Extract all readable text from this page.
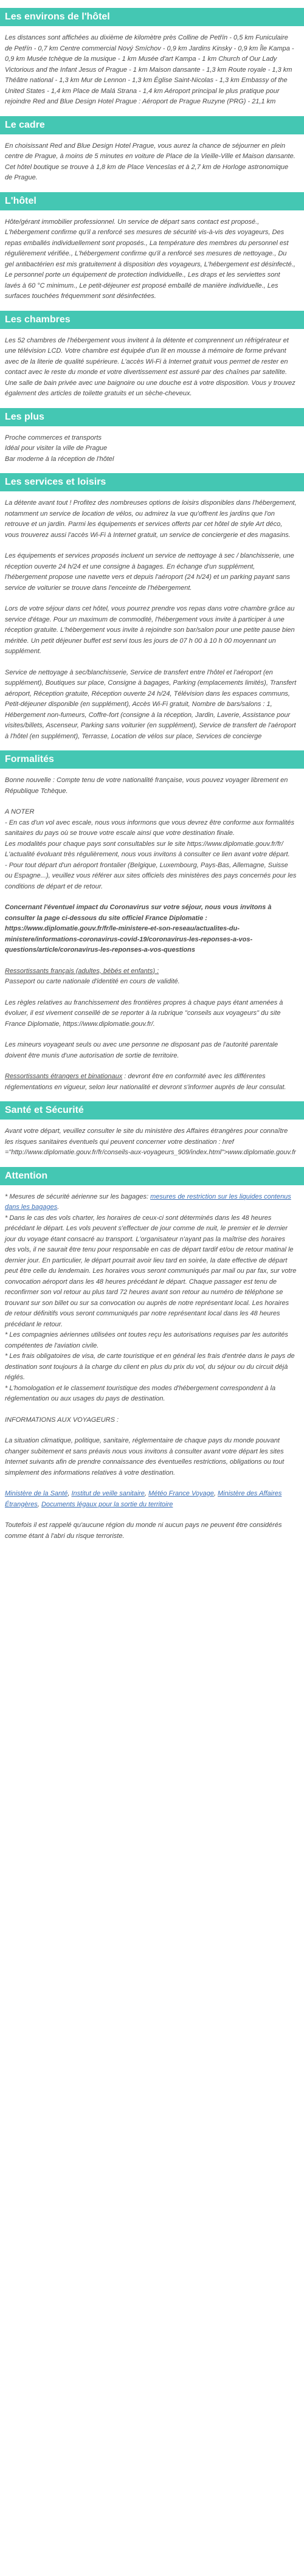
Les environs de l'hôtel

Les distances sont affichées au dixième de kilomètre près Colline de Petřín - 0,5 km Funiculaire de Petřín - 0,7 km Centre commercial Nový Smíchov - 0,9 km Jardins Kinsky - 0,9 km Île Kampa - 0,9 km Musée tchèque de la musique - 1 km Musée d'art Kampa - 1 km Church of Our Lady Victorious and the Infant Jesus of Prague - 1 km Maison dansante - 1,3 km Route royale - 1,3 km Théâtre national - 1,3 km Mur de Lennon - 1,3 km Église Saint-Nicolas - 1,3 km Embassy of the United States - 1,4 km Place de Malá Strana - 1,4 km Aéroport principal le plus pratique pour rejoindre Red and Blue Design Hotel Prague : Aéroport de Prague Ruzyne (PRG) - 21,1 km

Le cadre

En choisissant Red and Blue Design Hotel Prague, vous aurez la chance de séjourner en plein centre de Prague, à moins de 5 minutes en voiture de Place de la Vieille-Ville et Maison dansante. Cet hôtel boutique se trouve à 1,8 km de Place Venceslas et à 2,7 km de Horloge astronomique de Prague.

L'hôtel

Hôte/gérant immobilier professionnel. Un service de départ sans contact est proposé., L'hébergement confirme qu'il a renforcé ses mesures de sécurité vis-à-vis des voyageurs, Des repas emballés individuellement sont proposés., La température des membres du personnel est régulièrement vérifiée., L'hébergement confirme qu'il a renforcé ses mesures de nettoyage., Du gel antibactérien est mis gratuitement à disposition des voyageurs, L'hébergement est désinfecté., Le personnel porte un équipement de protection individuelle., Les draps et les serviettes sont lavés à 60 °C minimum., Le petit-déjeuner est proposé emballé de manière individuelle., Les surfaces touchées fréquemment sont désinfectées.

Les chambres

Les 52 chambres de l'hébergement vous invitent à la détente et comprennent un réfrigérateur et une télévision LCD. Votre chambre est équipée d'un lit en mousse à mémoire de forme prévant avec de la literie de qualité supérieure. L'accès Wi-Fi à Internet gratuit vous permet de rester en contact avec le reste du monde et votre divertissement est assuré par des chaînes par satellite. Une salle de bain privée avec une baignoire ou une douche est à votre disposition. Vous y trouvez également des articles de toilette gratuits et un sèche-cheveux.

Les plus

Proche commerces et transports
Idéal pour visiter la ville de Prague
Bar moderne à la réception de l'hôtel

Les services et loisirs

La détente avant tout ! Profitez des nombreuses options de loisirs disponibles dans l'hébergement, notamment un service de location de vélos, ou admirez la vue qu'offrent les jardins que l'on retrouve et un jardin. Parmi les équipements et services offerts par cet hôtel de style Art déco, vous trouverez aussi l'accès Wi-Fi à Internet gratuit, un service de conciergerie et des magasins.

Les équipements et services proposés incluent un service de nettoyage à sec / blanchisserie, une réception ouverte 24 h/24 et une consigne à bagages. En échange d'un supplément, l'hébergement propose une navette vers et depuis l'aéroport (24 h/24) et un parking payant sans service de voiturier se trouve dans l'enceinte de l'hébergement.

Lors de votre séjour dans cet hôtel, vous pourrez prendre vos repas dans votre chambre grâce au service d'étage. Pour un maximum de commodité, l'hébergement vous invite à participer à une réception gratuite. L'hébergement vous invite à rejoindre son bar/salon pour une petite pause bien méritée. Un petit déjeuner buffet est servi tous les jours de 07 h 00 à 10 h 00 moyennant un supplément.

Service de nettoyage à sec/blanchisserie, Service de transfert entre l'hôtel et l'aéroport (en supplément), Boutiques sur place, Consigne à bagages, Parking (emplacements limités), Transfert aéroport, Réception gratuite, Réception ouverte 24 h/24, Télévision dans les espaces communs, Petit-déjeuner disponible (en supplément), Accès Wi-Fi gratuit, Nombre de bars/salons : 1, Hébergement non-fumeurs, Coffre-fort (consigne à la réception, Jardin, Laverie, Assistance pour visites/billets, Ascenseur, Parking sans voiturier (en supplément), Service de transfert de l'aéroport à l'hôtel (en supplément), Terrasse, Location de vélos sur place, Services de concierge

Formalités

Bonne nouvelle : Compte tenu de votre nationalité française, vous pouvez voyager librement en République Tchèque.

A NOTER
- En cas d'un vol avec escale, nous vous informons que vous devrez être conforme aux formalités sanitaires du pays où se trouve votre escale ainsi que votre destination finale.
Les modalités pour chaque pays sont consultables sur le site https://www.diplomatie.gouv.fr/fr/ L'actualité évoluant très régulièrement, nous vous invitons à consulter ce lien avant votre départ.
- Pour tout départ d'un aéroport frontalier (Belgique, Luxembourg, Pays-Bas, Allemagne, Suisse ou Espagne...), veuillez vous référer aux sites officiels des ministères des pays concernés pour les conditions de départ et de retour.

Concernant l'éventuel impact du Coronavirus sur votre séjour, nous vous invitons à consulter la page ci-dessous du site officiel France Diplomatie : https://www.diplomatie.gouv.fr/fr/le-ministere-et-son-reseau/actualites-du-ministere/informations-coronavirus-covid-19/coronavirus-les-reponses-a-vos-questions/article/coronavirus-les-reponses-a-vos-questions

Ressortissants français (adultes, bébés et enfants) :
Passeport ou carte nationale d'identité en cours de validité.

Les règles relatives au franchissement des frontières propres à chaque pays étant amenées à évoluer, il est vivement conseillé de se reporter à la rubrique "conseils aux voyageurs" du site France Diplomatie, https://www.diplomatie.gouv.fr/.

Les mineurs voyageant seuls ou avec une personne ne disposant pas de l'autorité parentale doivent être munis d'une autorisation de sortie de territoire.

Ressortissants étrangers et binationaux : devront être en conformité avec les différentes réglementations en vigueur, selon leur nationalité et devront s'informer auprès de leur consulat.

Santé et Sécurité

Avant votre départ, veuillez consulter le site du ministère des Affaires étrangères pour connaître les risques sanitaires éventuels qui peuvent concerner votre destination : href ="http://www.diplomatie.gouv.fr/fr/conseils-aux-voyageurs_909/index.html">www.diplomatie.gouv.fr

Attention

* Mesures de sécurité aérienne sur les bagages: mesures de restriction sur les liquides contenus dans les bagages.
* Dans le cas des vols charter, les horaires de ceux-ci sont déterminés dans les 48 heures précédant le départ. Les vols peuvent s'effectuer de jour comme de nuit, le premier et le dernier jour du voyage étant consacré au transport. L'organisateur n'ayant pas la maîtrise des horaires des vols, il ne saurait être tenu pour responsable en cas de départ tardif et/ou de retour matinal le dernier jour. En particulier, le départ pourrait avoir lieu tard en soirée, la date effective de départ peut être celle du lendemain. Les horaires vous seront communiqués par mail ou par fax, sur votre convocation aéroport dans les 48 heures précédant le départ. Chaque passager est tenu de reconfirmer son vol retour au plus tard 72 heures avant son retour au numéro de téléphone se trouvant sur son billet ou sur sa convocation ou auprès de notre représentant local. Les horaires de retour définitifs vous seront communiqués par notre représentant local dans les 48 heures précédant le retour.
* Les compagnies aériennes utilisées ont toutes reçu les autorisations requises par les autorités compétentes de l'aviation civile.
* Les frais obligatoires de visa, de carte touristique et en général les frais d'entrée dans le pays de destination sont toujours à la charge du client en plus du prix du vol, du séjour ou du circuit déjà réglés.
* L'homologation et le classement touristique des modes d'hébergement correspondent à la réglementation ou aux usages du pays de destination.

INFORMATIONS AUX VOYAGEURS :

La situation climatique, politique, sanitaire, réglementaire de chaque pays du monde pouvant changer subitement et sans préavis nous vous invitons à consulter avant votre départ les sites Internet suivants afin de prendre connaissance des éventuelles restrictions, obligations ou tout simplement des informations relatives à votre destination.

Ministère de la Santé, Institut de veille sanitaire, Météo France Voyage, Ministère des Affaires Étrangères, Documents légaux pour la sortie du territoire

Toutefois il est rappelé qu'aucune région du monde ni aucun pays ne peuvent être considérés comme étant à l'abri du risque terroriste.
